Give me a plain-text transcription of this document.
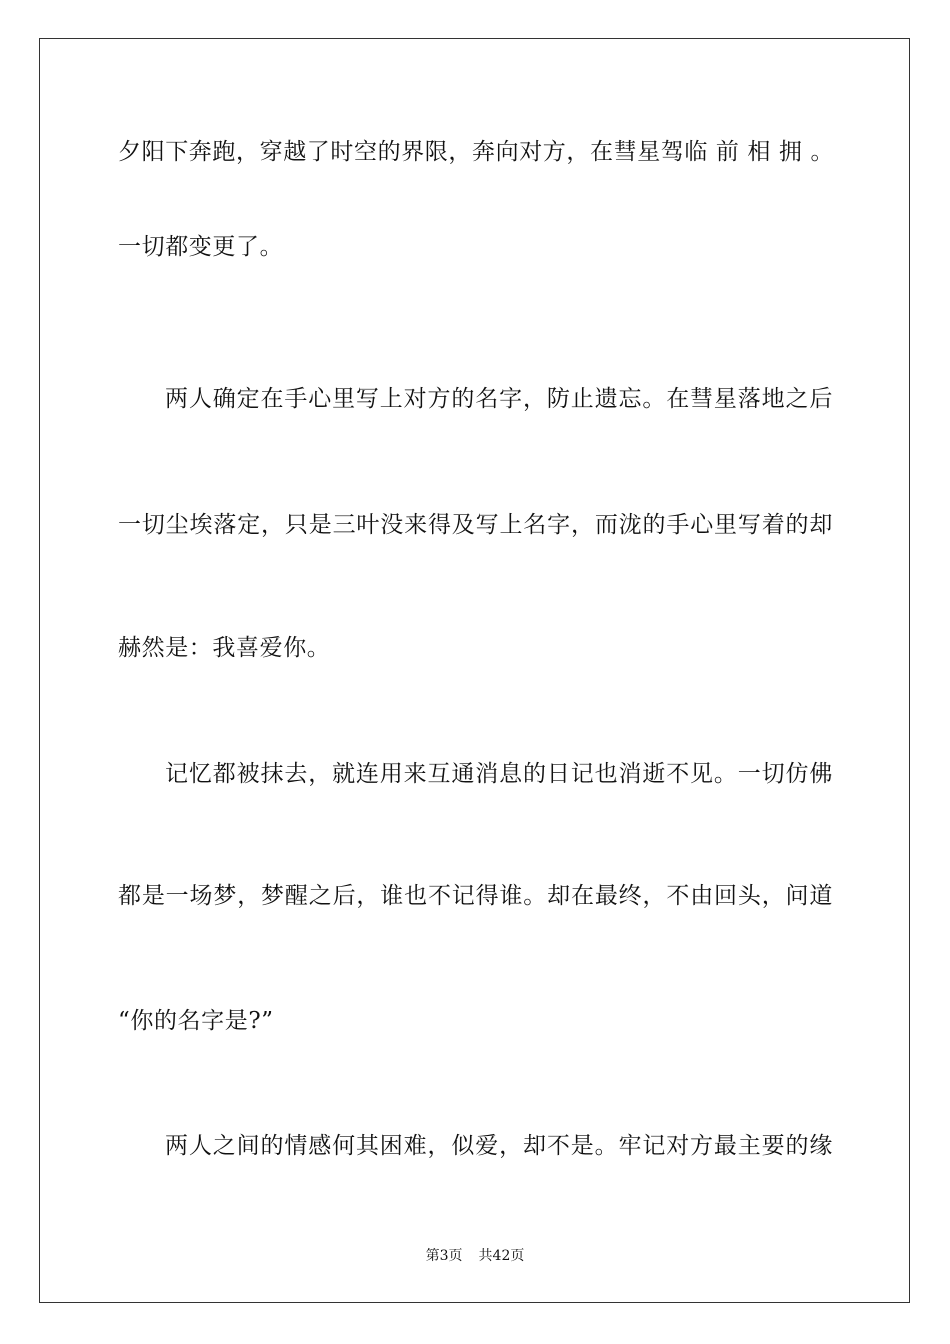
夕阳下奔跑，穿越了时空的界限，奔向对方，在彗星驾临 前 相 拥 。
一切都变更了。
两人确定在手心里写上对方的名字，防止遗忘。在彗星落地之后
一切尘埃落定，只是三叶没来得及写上名字，而泷的手心里写着的却
赫然是：我喜爱你。
记忆都被抹去，就连用来互通消息的日记也消逝不见。一切仿佛
都是一场梦，梦醒之后，谁也不记得谁。却在最终，不由回头，问道
“你的名字是?”
两人之间的情感何其困难，似爱，却不是。牢记对方最主要的缘
第3页 共42页
